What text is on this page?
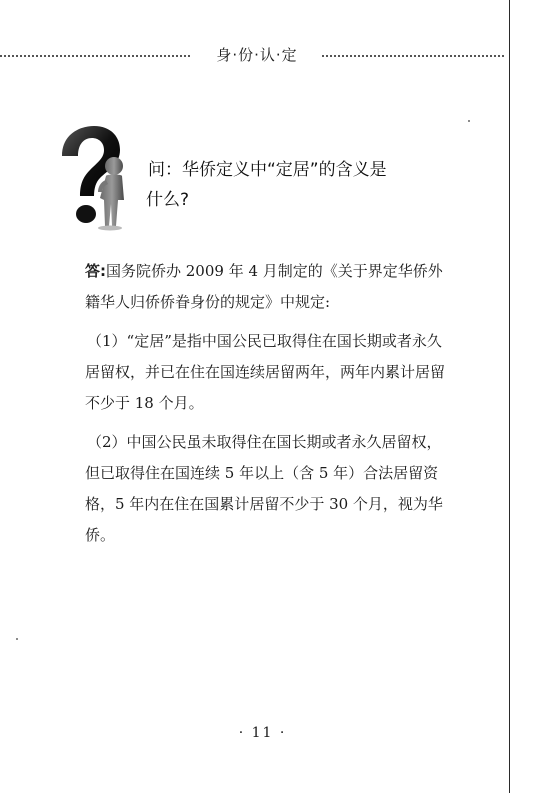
身·份·认·定
问：华侨定义中“定居”的含义是
什么?

答:国务院侨办 2009 年 4 月制定的《关于界定华侨外籍华人归侨侨眷身份的规定》中规定:

（1）“定居”是指中国公民已取得住在国长期或者永久居留权，并已在住在国连续居留两年，两年内累计居留不少于 18 个月。

（2）中国公民虽未取得住在国长期或者永久居留权，但已取得住在国连续 5 年以上（含 5 年）合法居留资格，5 年内在住在国累计居留不少于 30 个月，视为华侨。

· 11 ·
